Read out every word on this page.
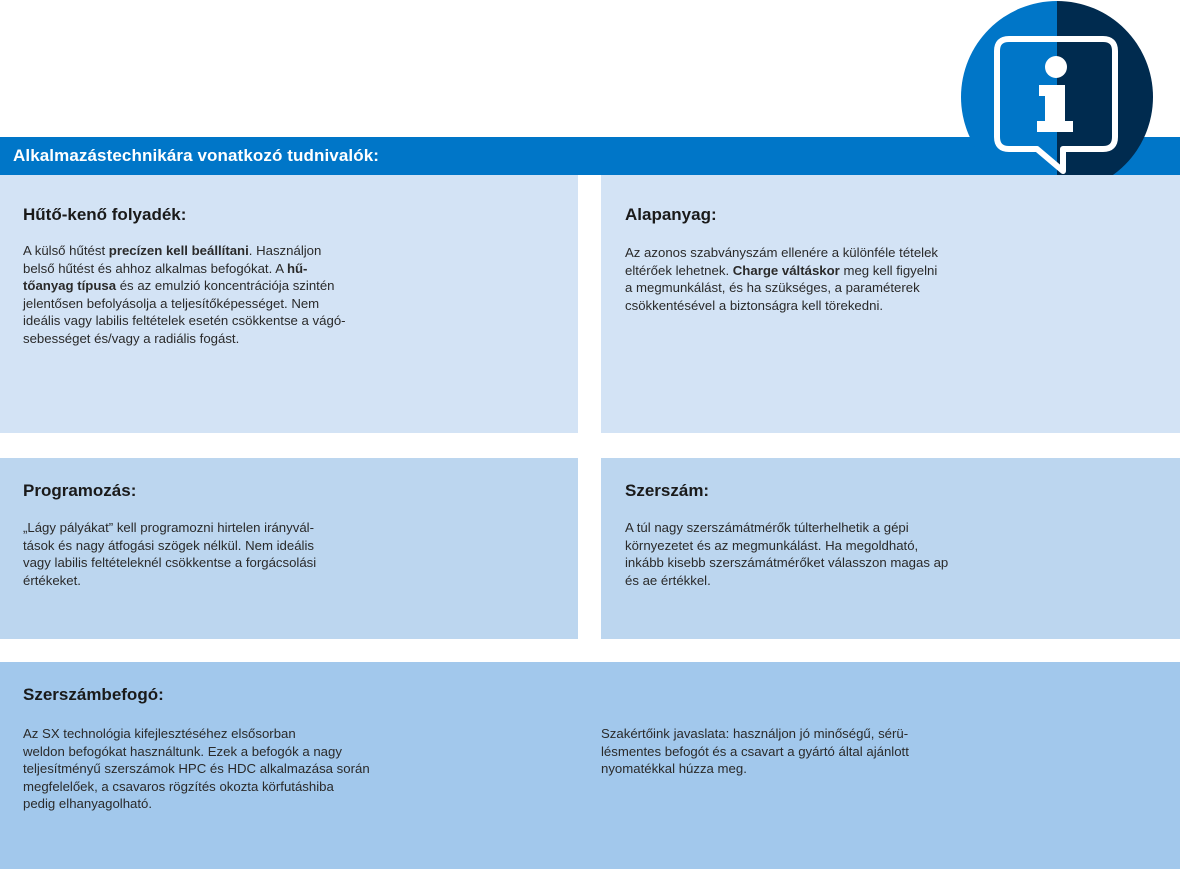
Alkalmazástechnikára vonatkozó tudnivalók:
Hűtő-kenő folyadék:
A külső hűtést precízen kell beállítani. Használjon
belső hűtést és ahhoz alkalmas befogókat. A hű-
tőanyag típusa és az emulzió koncentrációja szintén
jelentősen befolyásolja a teljesítőképességet. Nem
ideális vagy labilis feltételek esetén csökkentse a vágó-
sebességet és/vagy a radiális fogást.
Alapanyag:
Az azonos szabványszám ellenére a különféle tételek
eltérőek lehetnek. Charge váltáskor meg kell figyelni
a megmunkálást, és ha szükséges, a paraméterek
csökkentésével a biztonságra kell törekedni.
Programozás:
„Lágy pályákat” kell programozni hirtelen irányvál-
tások és nagy átfogási szögek nélkül. Nem ideális
vagy labilis feltételeknél csökkentse a forgácsolási
értékeket.
Szerszám:
A túl nagy szerszámátmérők túlterhelhetik a gépi
környezetet és az megmunkálást. Ha megoldható,
inkább kisebb szerszámátmérőket válasszon magas ap
és ae értékkel.
Szerszámbefogó:
Az SX technológia kifejlesztéséhez elsősorban
weldon befogókat használtunk. Ezek a befogók a nagy
teljesítményű szerszámok HPC és HDC alkalmazása során
megfelelőek, a csavaros rögzítés okozta körfutáshiba
pedig elhanyagolható.
Szakértőink javaslata: használjon jó minőségű, sérü-
lésmentes befogót és a csavart a gyártó által ajánlott
nyomatékkal húzza meg.
